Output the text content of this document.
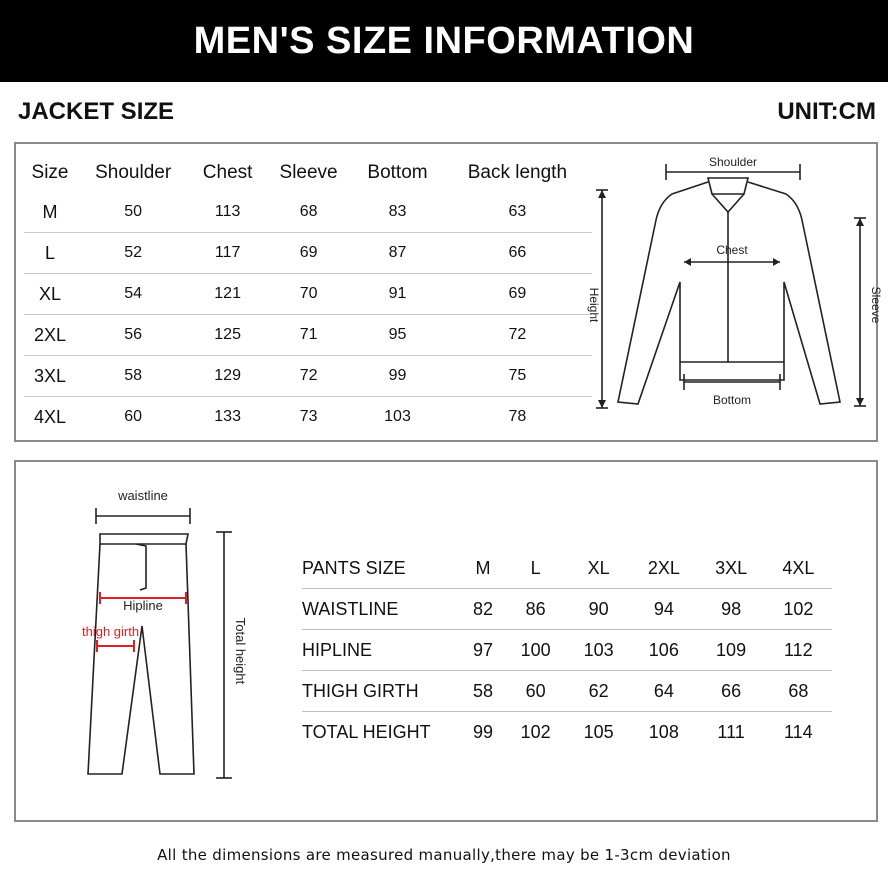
MEN'S SIZE INFORMATION
JACKET SIZE	UNIT:CM
Size	Shoulder	Chest	Sleeve	Bottom	Back length
M	50	113	68	83	63
L	52	117	69	87	66
XL	54	121	70	91	69
2XL	56	125	71	95	72
3XL	58	129	72	99	75
4XL	60	133	73	103	78
Shoulder
Chest
Bottom
Height	Sleeve
waistline
Hipline
thigh girth	Total height
PANTS SIZE	M	L	XL	2XL	3XL	4XL
WAISTLINE	82	86	90	94	98	102
HIPLINE	97	100	103	106	109	112
THIGH GIRTH	58	60	62	64	66	68
TOTAL HEIGHT	99	102	105	108	111	114
All the dimensions are measured manually,there may be 1-3cm deviation
